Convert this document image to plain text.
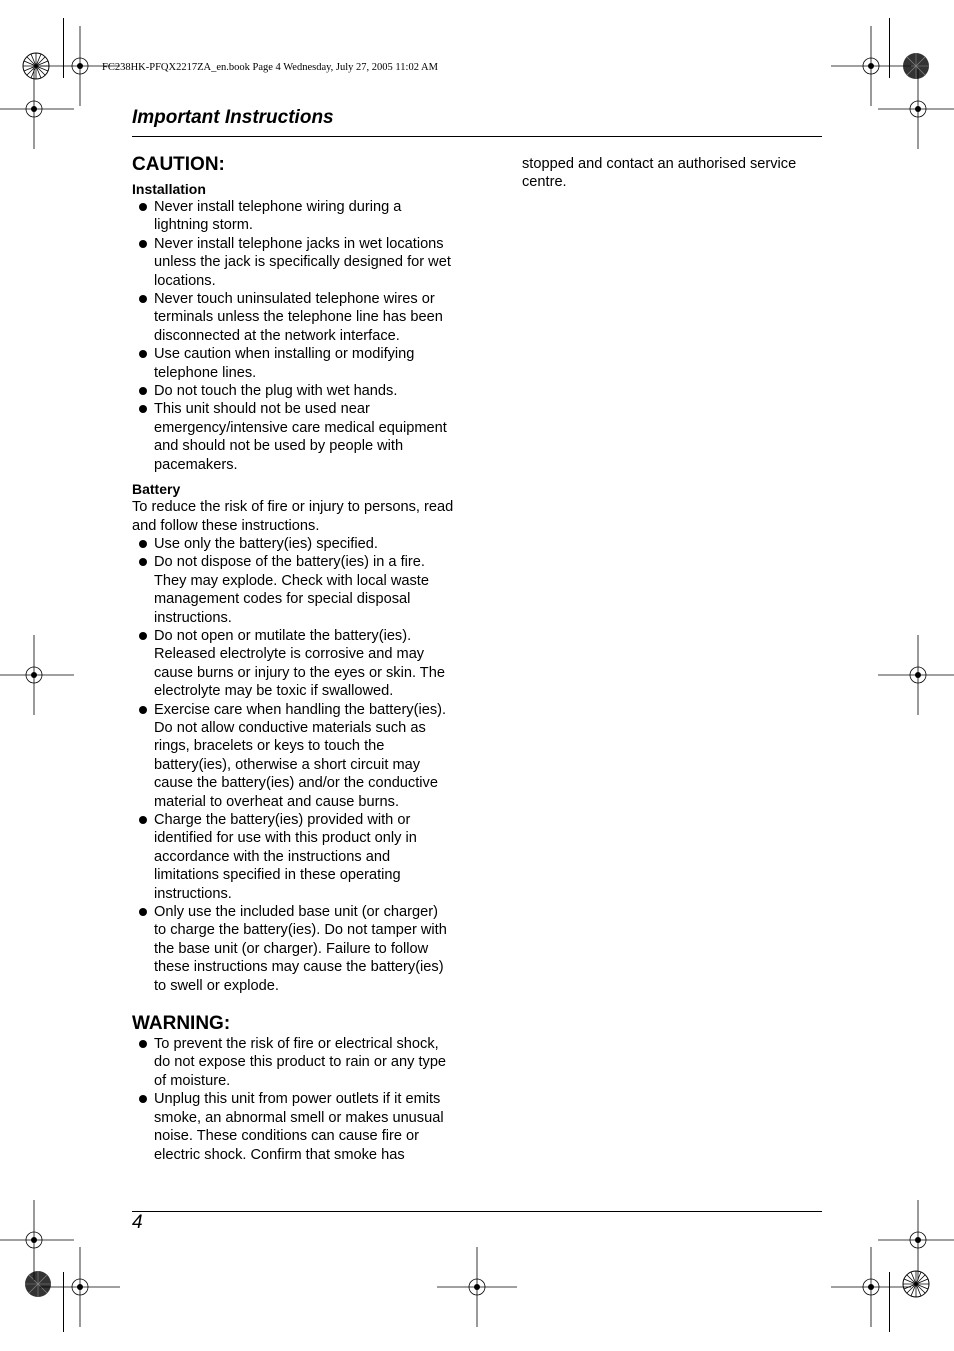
FC238HK-PFQX2217ZA_en.book Page 4 Wednesday, July 27, 2005 11:02 AM
Important Instructions
CAUTION:
Installation
Never install telephone wiring during a lightning storm.
Never install telephone jacks in wet locations unless the jack is specifically designed for wet locations.
Never touch uninsulated telephone wires or terminals unless the telephone line has been disconnected at the network interface.
Use caution when installing or modifying telephone lines.
Do not touch the plug with wet hands.
This unit should not be used near emergency/intensive care medical equipment and should not be used by people with pacemakers.
Battery

To reduce the risk of fire or injury to persons, read and follow these instructions.

Use only the battery(ies) specified.
Do not dispose of the battery(ies) in a fire. They may explode. Check with local waste management codes for special disposal instructions.
Do not open or mutilate the battery(ies). Released electrolyte is corrosive and may cause burns or injury to the eyes or skin. The electrolyte may be toxic if swallowed.
Exercise care when handling the battery(ies). Do not allow conductive materials such as rings, bracelets or keys to touch the battery(ies), otherwise a short circuit may cause the battery(ies) and/or the conductive material to overheat and cause burns.
Charge the battery(ies) provided with or identified for use with this product only in accordance with the instructions and limitations specified in these operating instructions.
Only use the included base unit (or charger) to charge the battery(ies). Do not tamper with the base unit (or charger). Failure to follow these instructions may cause the battery(ies) to swell or explode.
WARNING:
To prevent the risk of fire or electrical shock, do not expose this product to rain or any type of moisture.
Unplug this unit from power outlets if it emits smoke, an abnormal smell or makes unusual noise. These conditions can cause fire or electric shock. Confirm that smoke has

stopped and contact an authorised service centre.

4
